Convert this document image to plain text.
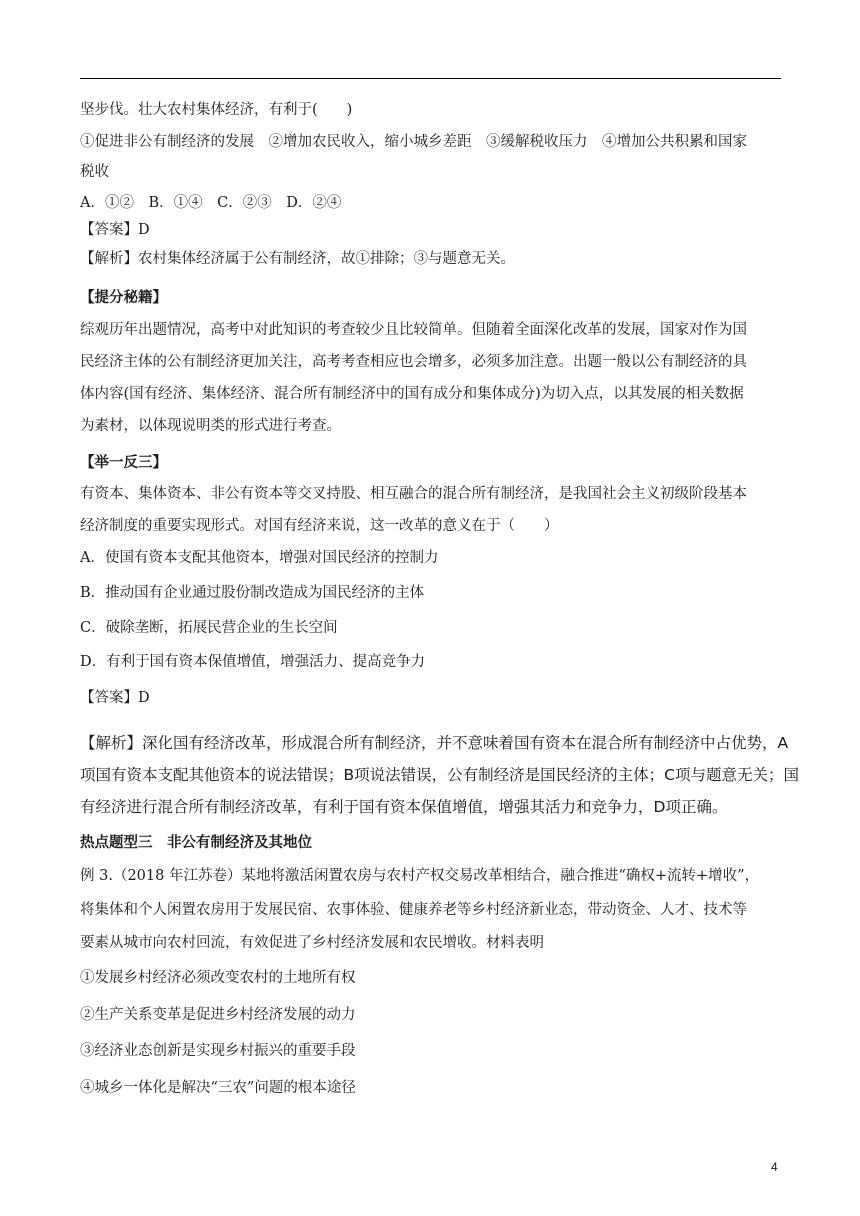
坚步伐。壮大农村集体经济，有利于(　　)
①促进非公有制经济的发展　②增加农民收入，缩小城乡差距　③缓解税收压力　④增加公共积累和国家
税收
A．①②　B．①④　C．②③　D．②④
【答案】D
【解析】农村集体经济属于公有制经济，故①排除；③与题意无关。
【提分秘籍】
综观历年出题情况，高考中对此知识的考查较少且比较简单。但随着全面深化改革的发展，国家对作为国
民经济主体的公有制经济更加关注，高考考查相应也会增多，必须多加注意。出题一般以公有制经济的具
体内容(国有经济、集体经济、混合所有制经济中的国有成分和集体成分)为切入点，以其发展的相关数据
为素材，以体现说明类的形式进行考查。
【举一反三】
有资本、集体资本、非公有资本等交叉持股、相互融合的混合所有制经济，是我国社会主义初级阶段基本
经济制度的重要实现形式。对国有经济来说，这一改革的意义在于（　　）
A．使国有资本支配其他资本，增强对国民经济的控制力
B．推动国有企业通过股份制改造成为国民经济的主体
C．破除垄断，拓展民营企业的生长空间
D．有利于国有资本保值增值，增强活力、提高竞争力
【答案】D
【解析】深化国有经济改革，形成混合所有制经济，并不意味着国有资本在混合所有制经济中占优势，A
项国有资本支配其他资本的说法错误；B项说法错误，公有制经济是国民经济的主体；C项与题意无关；国
有经济进行混合所有制经济改革，有利于国有资本保值增值，增强其活力和竞争力，D项正确。
热点题型三　非公有制经济及其地位
例 3.（2018 年江苏卷）某地将激活闲置农房与农村产权交易改革相结合，融合推进“确权+流转+增收”，
将集体和个人闲置农房用于发展民宿、农事体验、健康养老等乡村经济新业态，带动资金、人才、技术等
要素从城市向农村回流，有效促进了乡村经济发展和农民增收。材料表明
①发展乡村经济必须改变农村的土地所有权
②生产关系变革是促进乡村经济发展的动力
③经济业态创新是实现乡村振兴的重要手段
④城乡一体化是解决“三农”问题的根本途径
4
